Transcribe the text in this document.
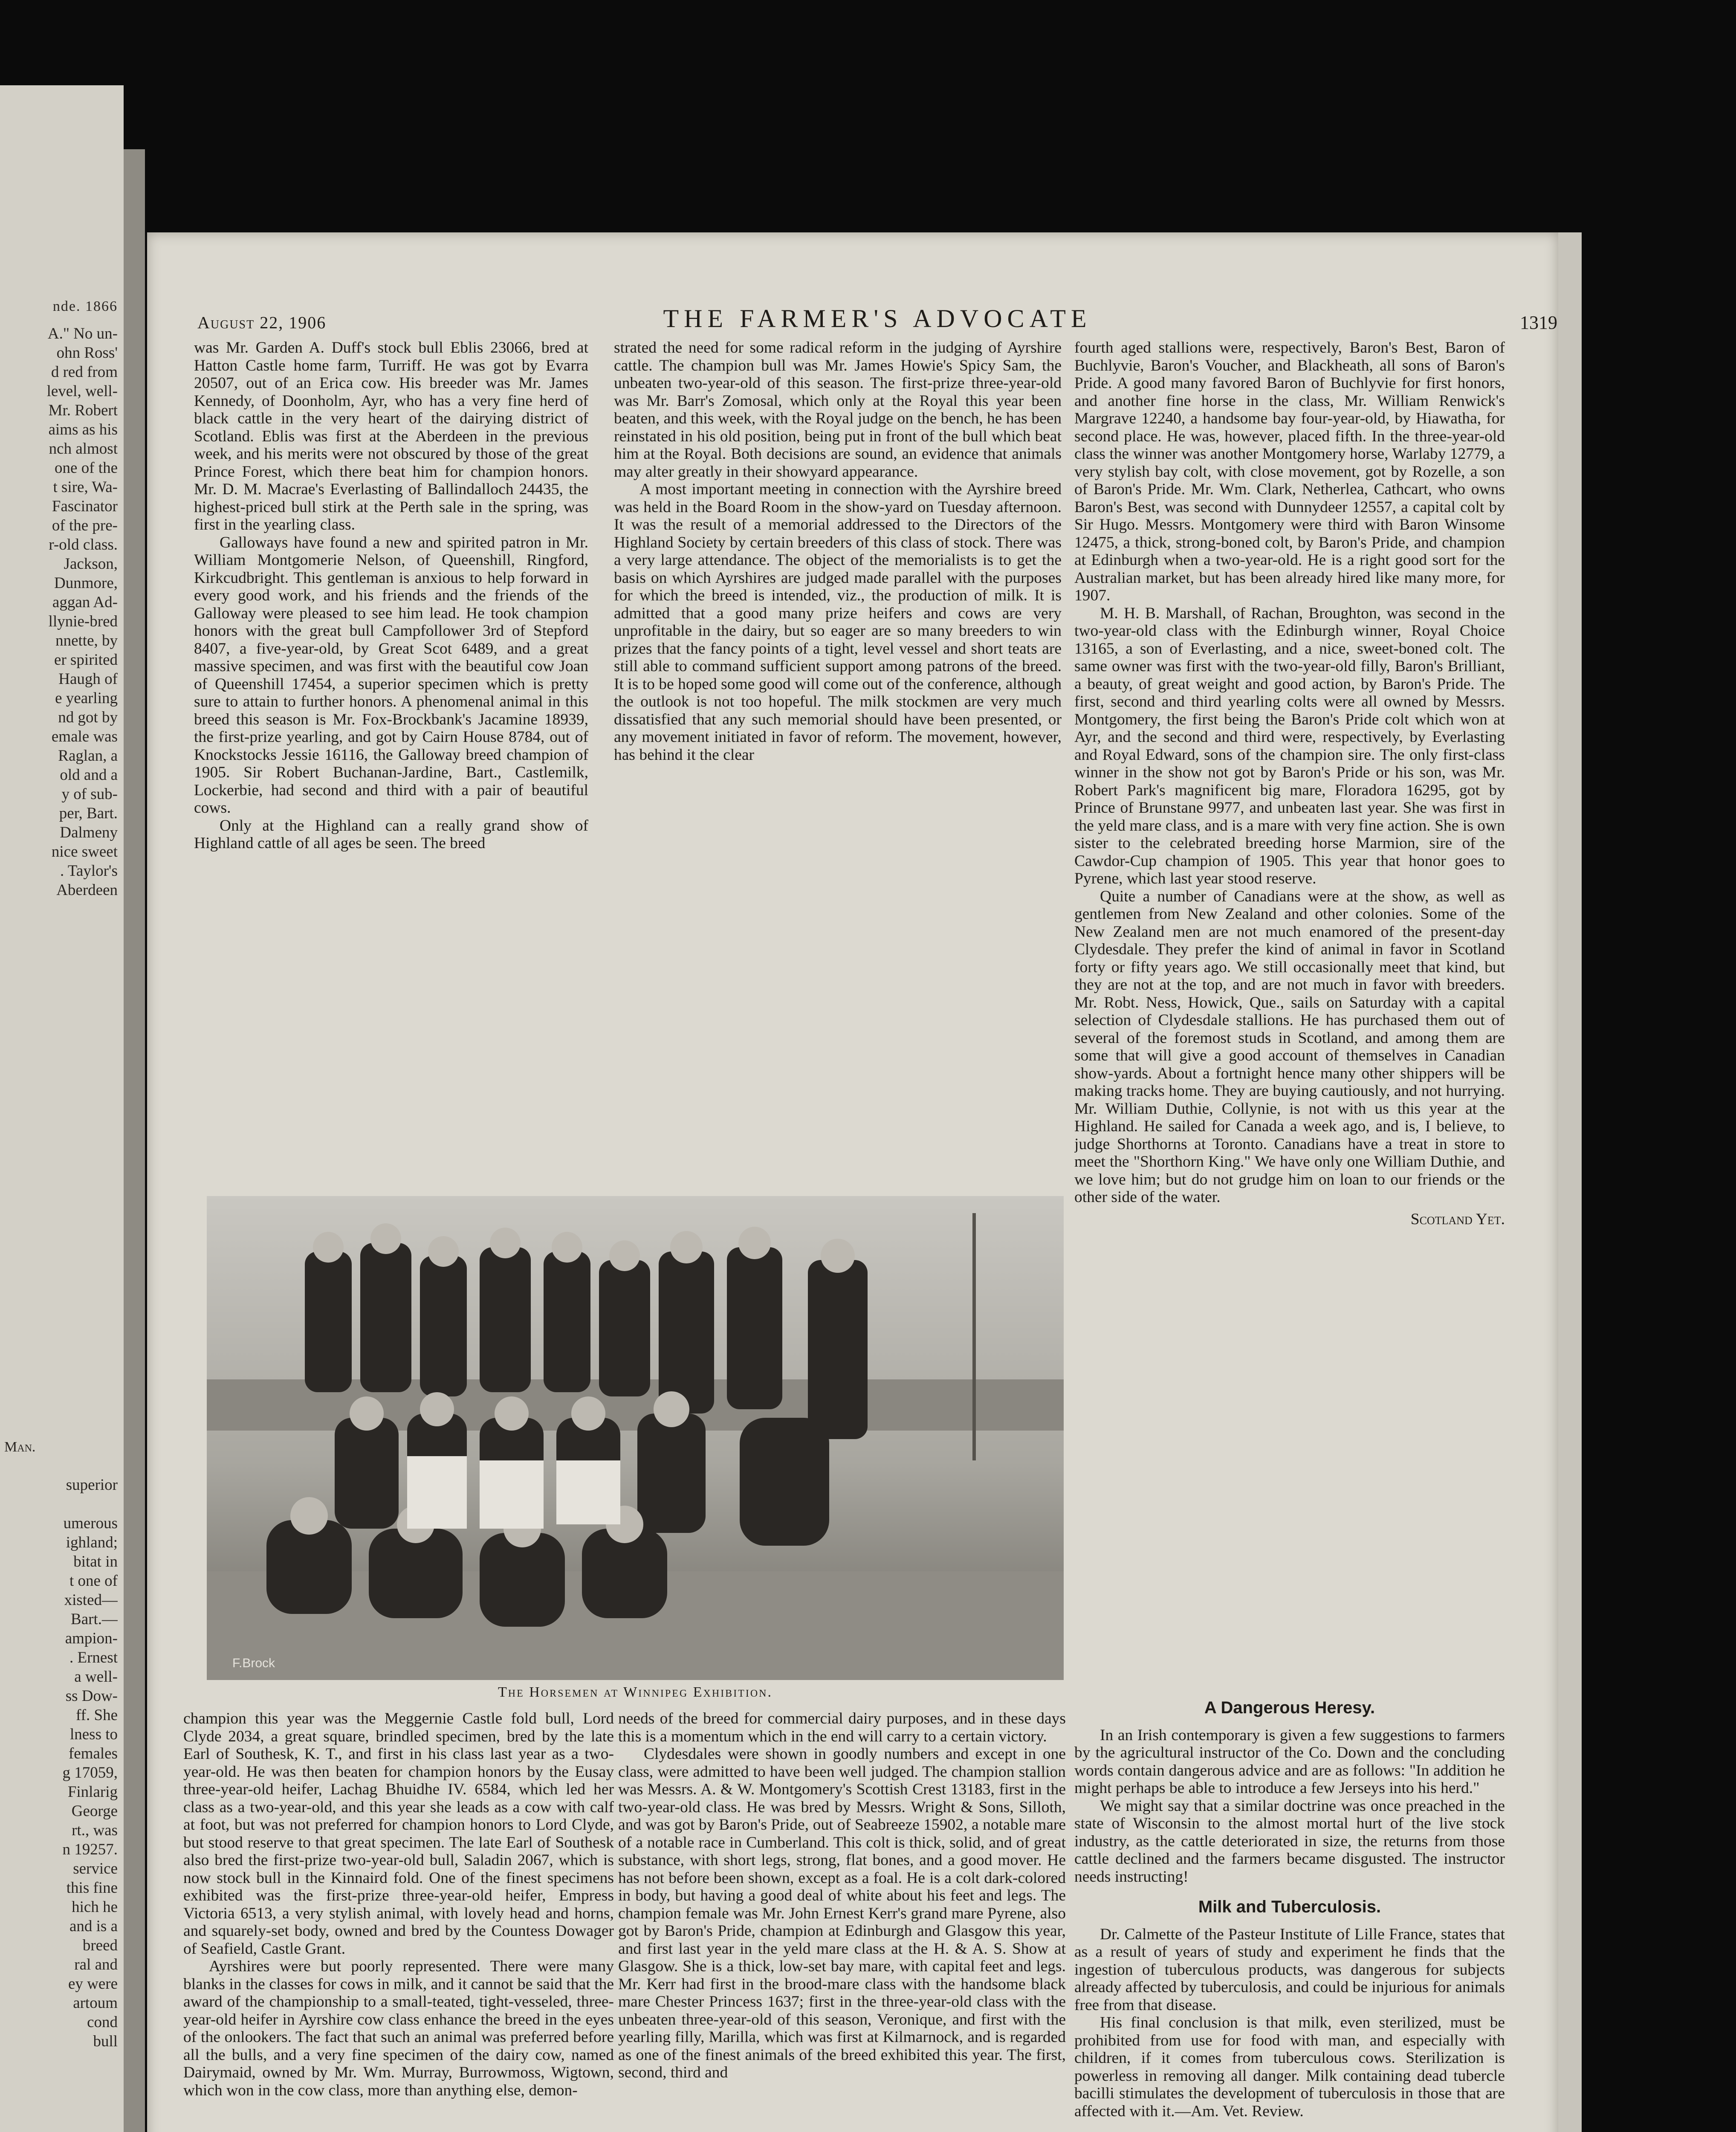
nde. 1866
A." No un-
ohn Ross'
d red from
level, well-
Mr. Robert
aims as his
nch almost
one of the
t sire, Wa-
Fascinator
of the pre-
r-old class.
Jackson,
Dunmore,
aggan Ad-
llynie-bred
nnette, by
er spirited
Haugh of
e yearling
nd got by
emale was
Raglan, a
old and a
y of sub-
per, Bart.
Dalmeny
nice sweet
. Taylor's
Aberdeen
Man.
superior

umerous
ighland;
bitat in
t one of
xisted—
Bart.—
ampion-
. Ernest
a well-
ss Dow-
ff. She
lness to
females
g 17059,
Finlarig
George
rt., was
n 19257.
service
this fine
hich he
and is a
breed
ral and
ey were
artoum
cond
bull
THE FARMER'S ADVOCATE
August 22, 1906	1319

was Mr. Garden A. Duff's stock bull Eblis 23066, bred at Hatton Castle home farm, Turriff. He was got by Evarra 20507, out of an Erica cow. His breeder was Mr. James Kennedy, of Doonholm, Ayr, who has a very fine herd of black cattle in the very heart of the dairying district of Scotland. Eblis was first at the Aberdeen in the previous week, and his merits were not obscured by those of the great Prince Forest, which there beat him for champion honors. Mr. D. M. Macrae's Everlasting of Ballindalloch 24435, the highest-priced bull stirk at the Perth sale in the spring, was first in the yearling class.

Galloways have found a new and spirited patron in Mr. William Montgomerie Nelson, of Queenshill, Ringford, Kirkcudbright. This gentleman is anxious to help forward in every good work, and his friends and the friends of the Galloway were pleased to see him lead. He took champion honors with the great bull Campfollower 3rd of Stepford 8407, a five-year-old, by Great Scot 6489, and a great massive specimen, and was first with the beautiful cow Joan of Queenshill 17454, a superior specimen which is pretty sure to attain to further honors. A phenomenal animal in this breed this season is Mr. Fox-Brockbank's Jacamine 18939, the first-prize yearling, and got by Cairn House 8784, out of Knockstocks Jessie 16116, the Galloway breed champion of 1905. Sir Robert Buchanan-Jardine, Bart., Castlemilk, Lockerbie, had second and third with a pair of beautiful cows.

Only at the Highland can a really grand show of Highland cattle of all ages be seen. The breed

strated the need for some radical reform in the judging of Ayrshire cattle. The champion bull was Mr. James Howie's Spicy Sam, the unbeaten two-year-old of this season. The first-prize three-year-old was Mr. Barr's Zomosal, which only at the Royal this year been beaten, and this week, with the Royal judge on the bench, he has been reinstated in his old position, being put in front of the bull which beat him at the Royal. Both decisions are sound, an evidence that animals may alter greatly in their showyard appearance.

A most important meeting in connection with the Ayrshire breed was held in the Board Room in the show-yard on Tuesday afternoon. It was the result of a memorial addressed to the Directors of the Highland Society by certain breeders of this class of stock. There was a very large attendance. The object of the memorialists is to get the basis on which Ayrshires are judged made parallel with the purposes for which the breed is intended, viz., the production of milk. It is admitted that a good many prize heifers and cows are very unprofitable in the dairy, but so eager are so many breeders to win prizes that the fancy points of a tight, level vessel and short teats are still able to command sufficient support among patrons of the breed. It is to be hoped some good will come out of the conference, although the outlook is not too hopeful. The milk stockmen are very much dissatisfied that any such memorial should have been presented, or any movement initiated in favor of reform. The movement, however, has behind it the clear

fourth aged stallions were, respectively, Baron's Best, Baron of Buchlyvie, Baron's Voucher, and Blackheath, all sons of Baron's Pride. A good many favored Baron of Buchlyvie for first honors, and another fine horse in the class, Mr. William Renwick's Margrave 12240, a handsome bay four-year-old, by Hiawatha, for second place. He was, however, placed fifth. In the three-year-old class the winner was another Montgomery horse, Warlaby 12779, a very stylish bay colt, with close movement, got by Rozelle, a son of Baron's Pride. Mr. Wm. Clark, Netherlea, Cathcart, who owns Baron's Best, was second with Dunnydeer 12557, a capital colt by Sir Hugo. Messrs. Montgomery were third with Baron Winsome 12475, a thick, strong-boned colt, by Baron's Pride, and champion at Edinburgh when a two-year-old. He is a right good sort for the Australian market, but has been already hired like many more, for 1907.

M. H. B. Marshall, of Rachan, Broughton, was second in the two-year-old class with the Edinburgh winner, Royal Choice 13165, a son of Everlasting, and a nice, sweet-boned colt. The same owner was first with the two-year-old filly, Baron's Brilliant, a beauty, of great weight and good action, by Baron's Pride. The first, second and third yearling colts were all owned by Messrs. Montgomery, the first being the Baron's Pride colt which won at Ayr, and the second and third were, respectively, by Everlasting and Royal Edward, sons of the champion sire. The only first-class winner in the show not got by Baron's Pride or his son, was Mr. Robert Park's magnificent big mare, Floradora 16295, got by Prince of Brunstane 9977, and unbeaten last year. She was first in the yeld mare class, and is a mare with very fine action. She is own sister to the celebrated breeding horse Marmion, sire of the Cawdor-Cup champion of 1905. This year that honor goes to Pyrene, which last year stood reserve.

Quite a number of Canadians were at the show, as well as gentlemen from New Zealand and other colonies. Some of the New Zealand men are not much enamored of the present-day Clydesdale. They prefer the kind of animal in favor in Scotland forty or fifty years ago. We still occasionally meet that kind, but they are not at the top, and are not much in favor with breeders. Mr. Robt. Ness, Howick, Que., sails on Saturday with a capital selection of Clydesdale stallions. He has purchased them out of several of the foremost studs in Scotland, and among them are some that will give a good account of themselves in Canadian show-yards. About a fortnight hence many other shippers will be making tracks home. They are buying cautiously, and not hurrying. Mr. William Duthie, Collynie, is not with us this year at the Highland. He sailed for Canada a week ago, and is, I believe, to judge Shorthorns at Toronto. Canadians have a treat in store to meet the "Shorthorn King." We have only one William Duthie, and we love him; but do not grudge him on loan to our friends or the other side of the water.

Scotland Yet.

F.Brock
The Horsemen at Winnipeg Exhibition.

champion this year was the Meggernie Castle fold bull, Lord Clyde 2034, a great square, brindled specimen, bred by the late Earl of Southesk, K. T., and first in his class last year as a two-year-old. He was then beaten for champion honors by the Eusay three-year-old heifer, Lachag Bhuidhe IV. 6584, which led her class as a two-year-old, and this year she leads as a cow with calf at foot, but was not preferred for champion honors to Lord Clyde, but stood reserve to that great specimen. The late Earl of Southesk also bred the first-prize two-year-old bull, Saladin 2067, which is now stock bull in the Kinnaird fold. One of the finest specimens exhibited was the first-prize three-year-old heifer, Empress Victoria 6513, a very stylish animal, with lovely head and horns, and squarely-set body, owned and bred by the Countess Dowager of Seafield, Castle Grant.

Ayrshires were but poorly represented. There were many blanks in the classes for cows in milk, and it cannot be said that the award of the championship to a small-teated, tight-vesseled, three-year-old heifer in Ayrshire cow class enhance the breed in the eyes of the onlookers. The fact that such an animal was preferred before all the bulls, and a very fine specimen of the dairy cow, named Dairymaid, owned by Mr. Wm. Murray, Burrowmoss, Wigtown, which won in the cow class, more than anything else, demon-

needs of the breed for commercial dairy purposes, and in these days this is a momentum which in the end will carry to a certain victory.

Clydesdales were shown in goodly numbers and except in one class, were admitted to have been well judged. The champion stallion was Messrs. A. & W. Montgomery's Scottish Crest 13183, first in the two-year-old class. He was bred by Messrs. Wright & Sons, Silloth, and was got by Baron's Pride, out of Seabreeze 15902, a notable mare of a notable race in Cumberland. This colt is thick, solid, and of great substance, with short legs, strong, flat bones, and a good mover. He has not before been shown, except as a foal. He is a colt dark-colored in body, but having a good deal of white about his feet and legs. The champion female was Mr. John Ernest Kerr's grand mare Pyrene, also got by Baron's Pride, champion at Edinburgh and Glasgow this year, and first last year in the yeld mare class at the H. & A. S. Show at Glasgow. She is a thick, low-set bay mare, with capital feet and legs. Mr. Kerr had first in the brood-mare class with the handsome black mare Chester Princess 1637; first in the three-year-old class with the unbeaten three-year-old of this season, Veronique, and first with the yearling filly, Marilla, which was first at Kilmarnock, and is regarded as one of the finest animals of the breed exhibited this year. The first, second, third and

A Dangerous Heresy.

In an Irish contemporary is given a few suggestions to farmers by the agricultural instructor of the Co. Down and the concluding words contain dangerous advice and are as follows: "In addition he might perhaps be able to introduce a few Jerseys into his herd."

We might say that a similar doctrine was once preached in the state of Wisconsin to the almost mortal hurt of the live stock industry, as the cattle deteriorated in size, the returns from those cattle declined and the farmers became disgusted. The instructor needs instructing!

Milk and Tuberculosis.

Dr. Calmette of the Pasteur Institute of Lille France, states that as a result of years of study and experiment he finds that the ingestion of tuberculous products, was dangerous for subjects already affected by tuberculosis, and could be injurious for animals free from that disease.

His final conclusion is that milk, even sterilized, must be prohibited from use for food with man, and especially with children, if it comes from tuberculous cows. Sterilization is powerless in removing all danger. Milk containing dead tubercle bacilli stimulates the development of tuberculosis in those that are affected with it.—Am. Vet. Review.
